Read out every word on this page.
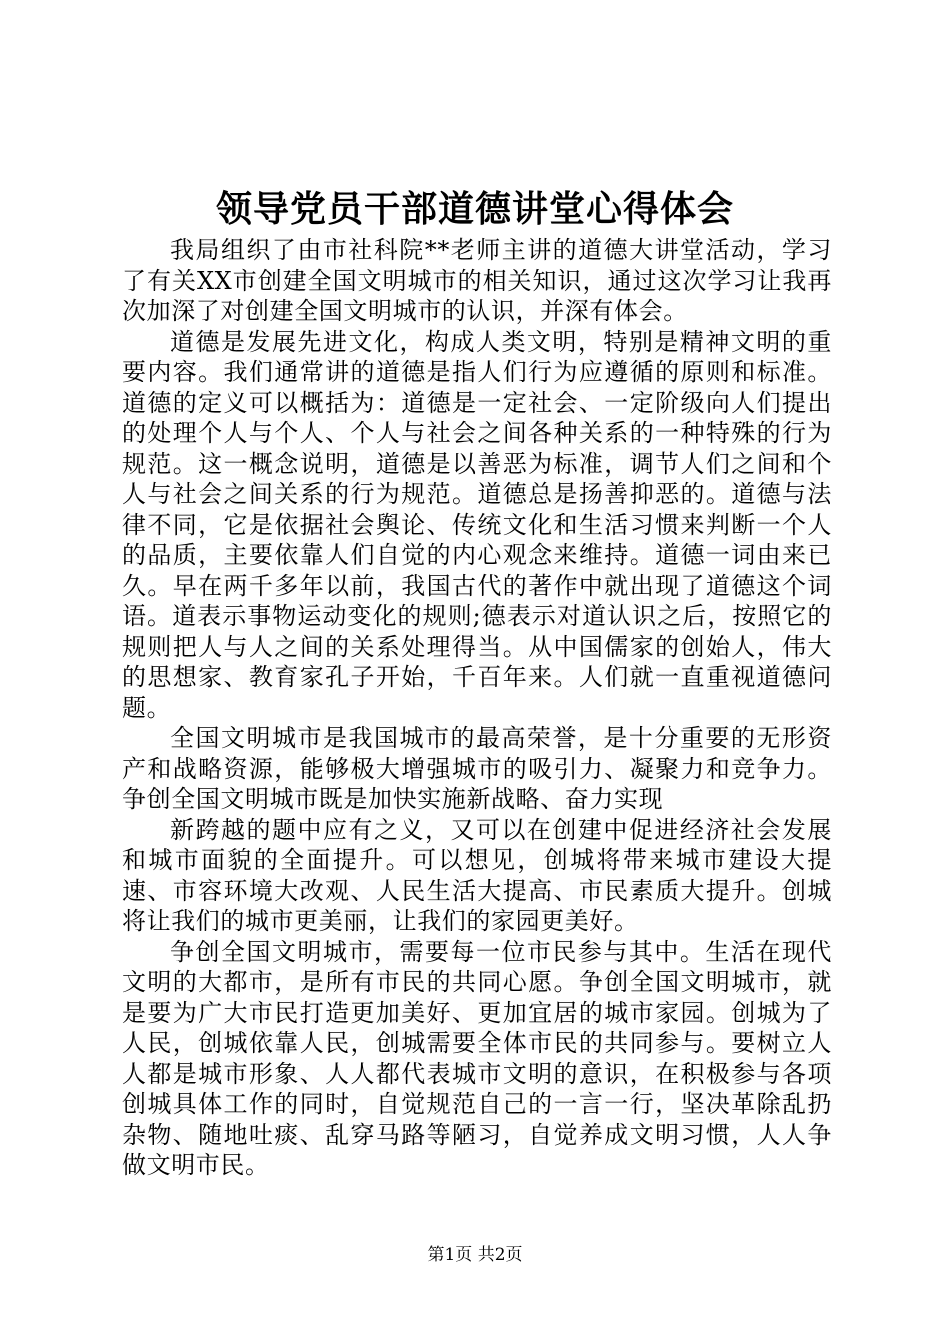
领导党员干部道德讲堂心得体会

我局组织了由市社科院**老师主讲的道德大讲堂活动，学习了有关XX市创建全国文明城市的相关知识，通过这次学习让我再次加深了对创建全国文明城市的认识，并深有体会。

道德是发展先进文化，构成人类文明，特别是精神文明的重要内容。我们通常讲的道德是指人们行为应遵循的原则和标准。道德的定义可以概括为：道德是一定社会、一定阶级向人们提出的处理个人与个人、个人与社会之间各种关系的一种特殊的行为规范。这一概念说明，道德是以善恶为标准，调节人们之间和个人与社会之间关系的行为规范。道德总是扬善抑恶的。道德与法律不同，它是依据社会舆论、传统文化和生活习惯来判断一个人的品质，主要依靠人们自觉的内心观念来维持。道德一词由来已久。早在两千多年以前，我国古代的著作中就出现了道德这个词语。道表示事物运动变化的规则;德表示对道认识之后，按照它的规则把人与人之间的关系处理得当。从中国儒家的创始人，伟大的思想家、教育家孔子开始，千百年来。人们就一直重视道德问题。

全国文明城市是我国城市的最高荣誉，是十分重要的无形资产和战略资源，能够极大增强城市的吸引力、凝聚力和竞争力。争创全国文明城市既是加快实施新战略、奋力实现

新跨越的题中应有之义，又可以在创建中促进经济社会发展和城市面貌的全面提升。可以想见，创城将带来城市建设大提速、市容环境大改观、人民生活大提高、市民素质大提升。创城将让我们的城市更美丽，让我们的家园更美好。

争创全国文明城市，需要每一位市民参与其中。生活在现代文明的大都市，是所有市民的共同心愿。争创全国文明城市，就是要为广大市民打造更加美好、更加宜居的城市家园。创城为了人民，创城依靠人民，创城需要全体市民的共同参与。要树立人人都是城市形象、人人都代表城市文明的意识，在积极参与各项创城具体工作的同时，自觉规范自己的一言一行，坚决革除乱扔杂物、随地吐痰、乱穿马路等陋习，自觉养成文明习惯，人人争做文明市民。

第1页 共2页
